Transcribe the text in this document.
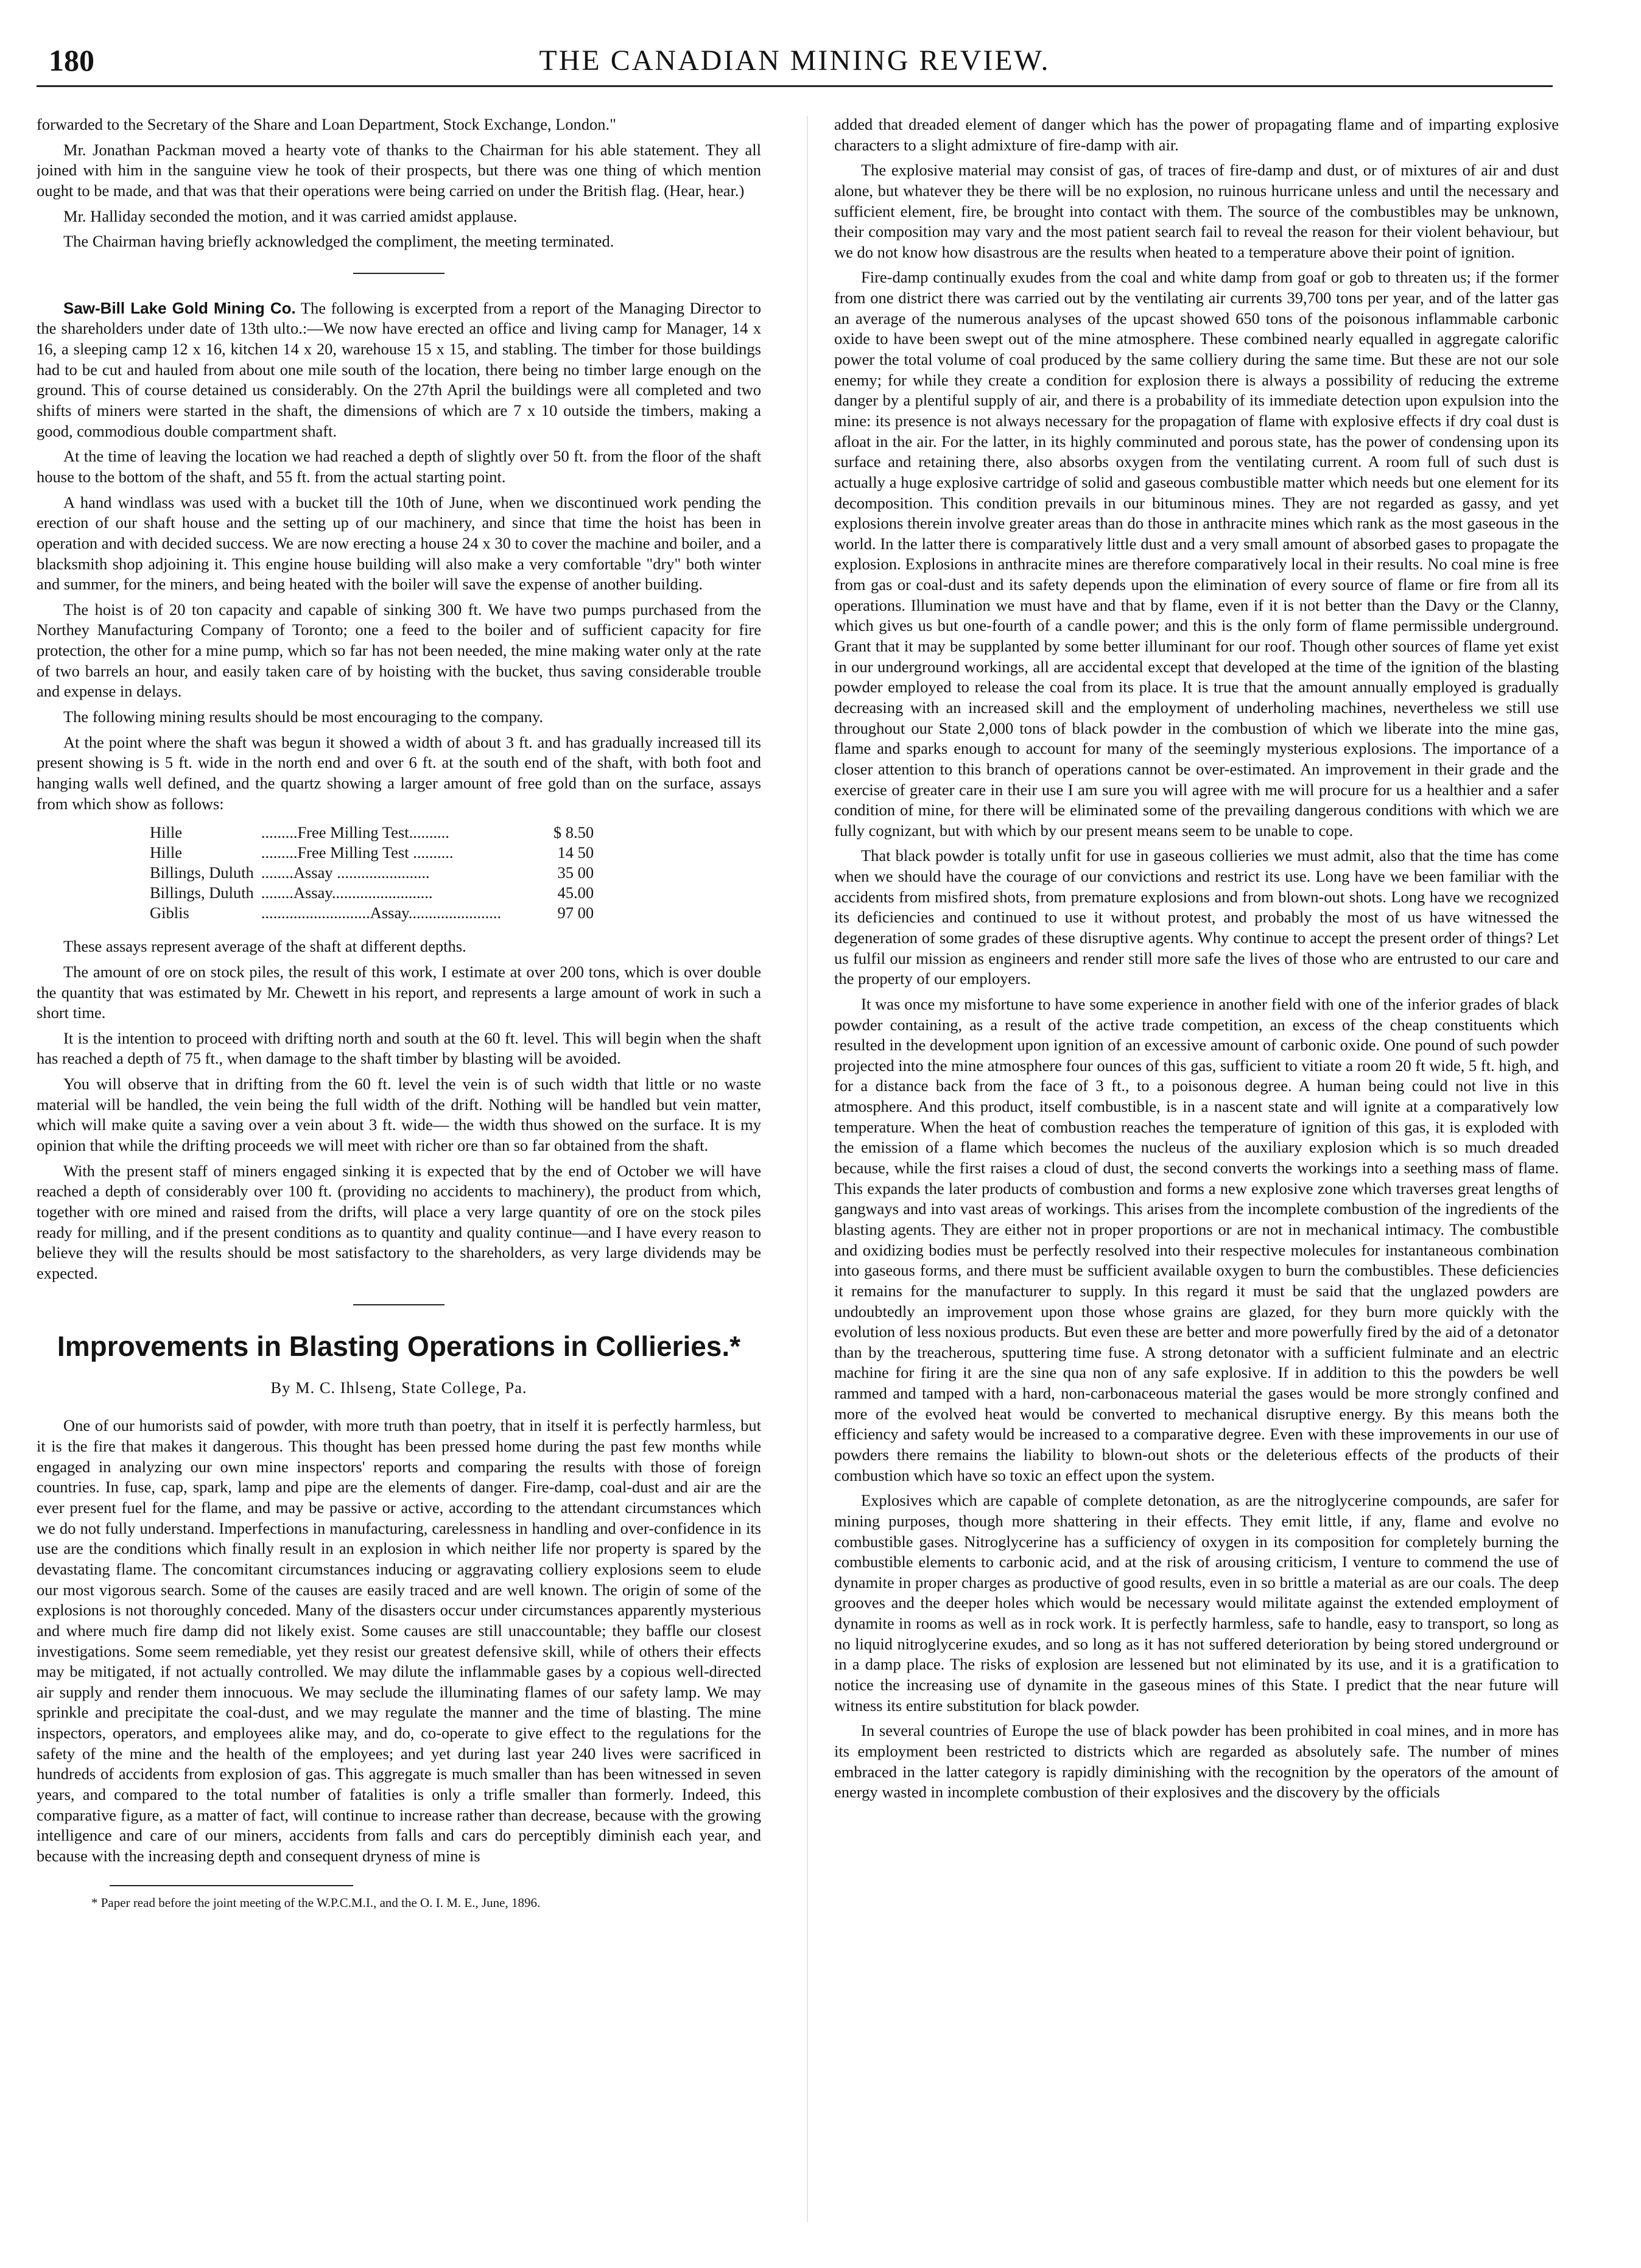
180	THE CANADIAN MINING REVIEW.

forwarded to the Secretary of the Share and Loan Department, Stock Exchange, London."

Mr. Jonathan Packman moved a hearty vote of thanks to the Chairman for his able statement. They all joined with him in the sanguine view he took of their prospects, but there was one thing of which mention ought to be made, and that was that their operations were being carried on under the British flag. (Hear, hear.)

Mr. Halliday seconded the motion, and it was carried amidst applause.

The Chairman having briefly acknowledged the compliment, the meeting terminated.

Saw-Bill Lake Gold Mining Co. The following is excerpted from a report of the Managing Director to the shareholders under date of 13th ulto.:—We now have erected an office and living camp for Manager, 14 x 16, a sleeping camp 12 x 16, kitchen 14 x 20, warehouse 15 x 15, and stabling. The timber for those buildings had to be cut and hauled from about one mile south of the location, there being no timber large enough on the ground. This of course detained us considerably. On the 27th April the buildings were all completed and two shifts of miners were started in the shaft, the dimensions of which are 7 x 10 outside the timbers, making a good, commodious double compartment shaft.

At the time of leaving the location we had reached a depth of slightly over 50 ft. from the floor of the shaft house to the bottom of the shaft, and 55 ft. from the actual starting point.

A hand windlass was used with a bucket till the 10th of June, when we discontinued work pending the erection of our shaft house and the setting up of our machinery, and since that time the hoist has been in operation and with decided success. We are now erecting a house 24 x 30 to cover the machine and boiler, and a blacksmith shop adjoining it. This engine house building will also make a very comfortable "dry" both winter and summer, for the miners, and being heated with the boiler will save the expense of another building.

The hoist is of 20 ton capacity and capable of sinking 300 ft. We have two pumps purchased from the Northey Manufacturing Company of Toronto; one a feed to the boiler and of sufficient capacity for fire protection, the other for a mine pump, which so far has not been needed, the mine making water only at the rate of two barrels an hour, and easily taken care of by hoisting with the bucket, thus saving considerable trouble and expense in delays.

The following mining results should be most encouraging to the company.

At the point where the shaft was begun it showed a width of about 3 ft. and has gradually increased till its present showing is 5 ft. wide in the north end and over 6 ft. at the south end of the shaft, with both foot and hanging walls well defined, and the quartz showing a larger amount of free gold than on the surface, assays from which show as follows:

Hille	.........Free Milling Test..........	$ 8.50
Hille	.........Free Milling Test ..........	14 50
Billings, Duluth	........Assay .......................	35 00
Billings, Duluth	........Assay.........................	45.00
Giblis	...........................Assay.......................	97 00

These assays represent average of the shaft at different depths.

The amount of ore on stock piles, the result of this work, I estimate at over 200 tons, which is over double the quantity that was estimated by Mr. Chewett in his report, and represents a large amount of work in such a short time.

It is the intention to proceed with drifting north and south at the 60 ft. level. This will begin when the shaft has reached a depth of 75 ft., when damage to the shaft timber by blasting will be avoided.

You will observe that in drifting from the 60 ft. level the vein is of such width that little or no waste material will be handled, the vein being the full width of the drift. Nothing will be handled but vein matter, which will make quite a saving over a vein about 3 ft. wide— the width thus showed on the surface. It is my opinion that while the drifting proceeds we will meet with richer ore than so far obtained from the shaft.

With the present staff of miners engaged sinking it is expected that by the end of October we will have reached a depth of considerably over 100 ft. (providing no accidents to machinery), the product from which, together with ore mined and raised from the drifts, will place a very large quantity of ore on the stock piles ready for milling, and if the present conditions as to quantity and quality continue—and I have every reason to believe they will the results should be most satisfactory to the shareholders, as very large dividends may be expected.

Improvements in Blasting Operations in Collieries.*
By M. C. Ihlseng, State College, Pa.

One of our humorists said of powder, with more truth than poetry, that in itself it is perfectly harmless, but it is the fire that makes it dangerous. This thought has been pressed home during the past few months while engaged in analyzing our own mine inspectors' reports and comparing the results with those of foreign countries. In fuse, cap, spark, lamp and pipe are the elements of danger. Fire-damp, coal-dust and air are the ever present fuel for the flame, and may be passive or active, according to the attendant circumstances which we do not fully understand. Imperfections in manufacturing, carelessness in handling and over-confidence in its use are the conditions which finally result in an explosion in which neither life nor property is spared by the devastating flame. The concomitant circumstances inducing or aggravating colliery explosions seem to elude our most vigorous search. Some of the causes are easily traced and are well known. The origin of some of the explosions is not thoroughly conceded. Many of the disasters occur under circumstances apparently mysterious and where much fire damp did not likely exist. Some causes are still unaccountable; they baffle our closest investigations. Some seem remediable, yet they resist our greatest defensive skill, while of others their effects may be mitigated, if not actually controlled. We may dilute the inflammable gases by a copious well-directed air supply and render them innocuous. We may seclude the illuminating flames of our safety lamp. We may sprinkle and precipitate the coal-dust, and we may regulate the manner and the time of blasting. The mine inspectors, operators, and employees alike may, and do, co-operate to give effect to the regulations for the safety of the mine and the health of the employees; and yet during last year 240 lives were sacrificed in hundreds of accidents from explosion of gas. This aggregate is much smaller than has been witnessed in seven years, and compared to the total number of fatalities is only a trifle smaller than formerly. Indeed, this comparative figure, as a matter of fact, will continue to increase rather than decrease, because with the growing intelligence and care of our miners, accidents from falls and cars do perceptibly diminish each year, and because with the increasing depth and consequent dryness of mine is

* Paper read before the joint meeting of the W.P.C.M.I., and the O. I. M. E., June, 1896.

added that dreaded element of danger which has the power of propagating flame and of imparting explosive characters to a slight admixture of fire-damp with air.

The explosive material may consist of gas, of traces of fire-damp and dust, or of mixtures of air and dust alone, but whatever they be there will be no explosion, no ruinous hurricane unless and until the necessary and sufficient element, fire, be brought into contact with them. The source of the combustibles may be unknown, their composition may vary and the most patient search fail to reveal the reason for their violent behaviour, but we do not know how disastrous are the results when heated to a temperature above their point of ignition.

Fire-damp continually exudes from the coal and white damp from goaf or gob to threaten us; if the former from one district there was carried out by the ventilating air currents 39,700 tons per year, and of the latter gas an average of the numerous analyses of the upcast showed 650 tons of the poisonous inflammable carbonic oxide to have been swept out of the mine atmosphere. These combined nearly equalled in aggregate calorific power the total volume of coal produced by the same colliery during the same time. But these are not our sole enemy; for while they create a condition for explosion there is always a possibility of reducing the extreme danger by a plentiful supply of air, and there is a probability of its immediate detection upon expulsion into the mine: its presence is not always necessary for the propagation of flame with explosive effects if dry coal dust is afloat in the air. For the latter, in its highly comminuted and porous state, has the power of condensing upon its surface and retaining there, also absorbs oxygen from the ventilating current. A room full of such dust is actually a huge explosive cartridge of solid and gaseous combustible matter which needs but one element for its decomposition. This condition prevails in our bituminous mines. They are not regarded as gassy, and yet explosions therein involve greater areas than do those in anthracite mines which rank as the most gaseous in the world. In the latter there is comparatively little dust and a very small amount of absorbed gases to propagate the explosion. Explosions in anthracite mines are therefore comparatively local in their results. No coal mine is free from gas or coal-dust and its safety depends upon the elimination of every source of flame or fire from all its operations. Illumination we must have and that by flame, even if it is not better than the Davy or the Clanny, which gives us but one-fourth of a candle power; and this is the only form of flame permissible underground. Grant that it may be supplanted by some better illuminant for our roof. Though other sources of flame yet exist in our underground workings, all are accidental except that developed at the time of the ignition of the blasting powder employed to release the coal from its place. It is true that the amount annually employed is gradually decreasing with an increased skill and the employment of underholing machines, nevertheless we still use throughout our State 2,000 tons of black powder in the combustion of which we liberate into the mine gas, flame and sparks enough to account for many of the seemingly mysterious explosions. The importance of a closer attention to this branch of operations cannot be over-estimated. An improvement in their grade and the exercise of greater care in their use I am sure you will agree with me will procure for us a healthier and a safer condition of mine, for there will be eliminated some of the prevailing dangerous conditions with which we are fully cognizant, but with which by our present means seem to be unable to cope.

That black powder is totally unfit for use in gaseous collieries we must admit, also that the time has come when we should have the courage of our convictions and restrict its use. Long have we been familiar with the accidents from misfired shots, from premature explosions and from blown-out shots. Long have we recognized its deficiencies and continued to use it without protest, and probably the most of us have witnessed the degeneration of some grades of these disruptive agents. Why continue to accept the present order of things? Let us fulfil our mission as engineers and render still more safe the lives of those who are entrusted to our care and the property of our employers.

It was once my misfortune to have some experience in another field with one of the inferior grades of black powder containing, as a result of the active trade competition, an excess of the cheap constituents which resulted in the development upon ignition of an excessive amount of carbonic oxide. One pound of such powder projected into the mine atmosphere four ounces of this gas, sufficient to vitiate a room 20 ft wide, 5 ft. high, and for a distance back from the face of 3 ft., to a poisonous degree. A human being could not live in this atmosphere. And this product, itself combustible, is in a nascent state and will ignite at a comparatively low temperature. When the heat of combustion reaches the temperature of ignition of this gas, it is exploded with the emission of a flame which becomes the nucleus of the auxiliary explosion which is so much dreaded because, while the first raises a cloud of dust, the second converts the workings into a seething mass of flame. This expands the later products of combustion and forms a new explosive zone which traverses great lengths of gangways and into vast areas of workings. This arises from the incomplete combustion of the ingredients of the blasting agents. They are either not in proper proportions or are not in mechanical intimacy. The combustible and oxidizing bodies must be perfectly resolved into their respective molecules for instantaneous combination into gaseous forms, and there must be sufficient available oxygen to burn the combustibles. These deficiencies it remains for the manufacturer to supply. In this regard it must be said that the unglazed powders are undoubtedly an improvement upon those whose grains are glazed, for they burn more quickly with the evolution of less noxious products. But even these are better and more powerfully fired by the aid of a detonator than by the treacherous, sputtering time fuse. A strong detonator with a sufficient fulminate and an electric machine for firing it are the sine qua non of any safe explosive. If in addition to this the powders be well rammed and tamped with a hard, non-carbonaceous material the gases would be more strongly confined and more of the evolved heat would be converted to mechanical disruptive energy. By this means both the efficiency and safety would be increased to a comparative degree. Even with these improvements in our use of powders there remains the liability to blown-out shots or the deleterious effects of the products of their combustion which have so toxic an effect upon the system.

Explosives which are capable of complete detonation, as are the nitroglycerine compounds, are safer for mining purposes, though more shattering in their effects. They emit little, if any, flame and evolve no combustible gases. Nitroglycerine has a sufficiency of oxygen in its composition for completely burning the combustible elements to carbonic acid, and at the risk of arousing criticism, I venture to commend the use of dynamite in proper charges as productive of good results, even in so brittle a material as are our coals. The deep grooves and the deeper holes which would be necessary would militate against the extended employment of dynamite in rooms as well as in rock work. It is perfectly harmless, safe to handle, easy to transport, so long as no liquid nitroglycerine exudes, and so long as it has not suffered deterioration by being stored underground or in a damp place. The risks of explosion are lessened but not eliminated by its use, and it is a gratification to notice the increasing use of dynamite in the gaseous mines of this State. I predict that the near future will witness its entire substitution for black powder.

In several countries of Europe the use of black powder has been prohibited in coal mines, and in more has its employment been restricted to districts which are regarded as absolutely safe. The number of mines embraced in the latter category is rapidly diminishing with the recognition by the operators of the amount of energy wasted in incomplete combustion of their explosives and the discovery by the officials
